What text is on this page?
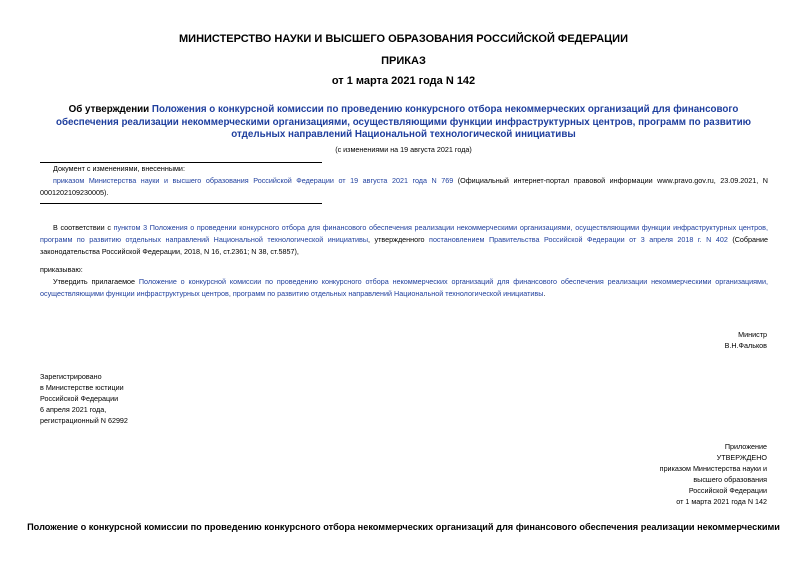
МИНИСТЕРСТВО НАУКИ И ВЫСШЕГО ОБРАЗОВАНИЯ РОССИЙСКОЙ ФЕДЕРАЦИИ
ПРИКАЗ
от 1 марта 2021 года N 142
Об утверждении Положения о конкурсной комиссии по проведению конкурсного отбора некоммерческих организаций для финансового обеспечения реализации некоммерческими организациями, осуществляющими функции инфраструктурных центров, программ по развитию отдельных направлений Национальной технологической инициативы
(с изменениями на 19 августа 2021 года)
Документ с изменениями, внесенными:
приказом Министерства науки и высшего образования Российской Федерации от 19 августа 2021 года N 769 (Официальный интернет-портал правовой информации www.pravo.gov.ru, 23.09.2021, N 0001202109230005).
В соответствии с пунктом 3 Положения о проведении конкурсного отбора для финансового обеспечения реализации некоммерческими организациями, осуществляющими функции инфраструктурных центров, программ по развитию отдельных направлений Национальной технологической инициативы, утвержденного постановлением Правительства Российской Федерации от 3 апреля 2018 г. N 402 (Собрание законодательства Российской Федерации, 2018, N 16, ст.2361; N 38, ст.5857),
приказываю:
Утвердить прилагаемое Положение о конкурсной комиссии по проведению конкурсного отбора некоммерческих организаций для финансового обеспечения реализации некоммерческими организациями, осуществляющими функции инфраструктурных центров, программ по развитию отдельных направлений Национальной технологической инициативы.
Министр
В.Н.Фальков
Зарегистрировано
в Министерстве юстиции
Российской Федерации
6 апреля 2021 года,
регистрационный N 62992
Приложение
УТВЕРЖДЕНО
приказом Министерства науки и
высшего образования
Российской Федерации
от 1 марта 2021 года N 142
Положение о конкурсной комиссии по проведению конкурсного отбора некоммерческих организаций для финансового обеспечения реализации некоммерческими
